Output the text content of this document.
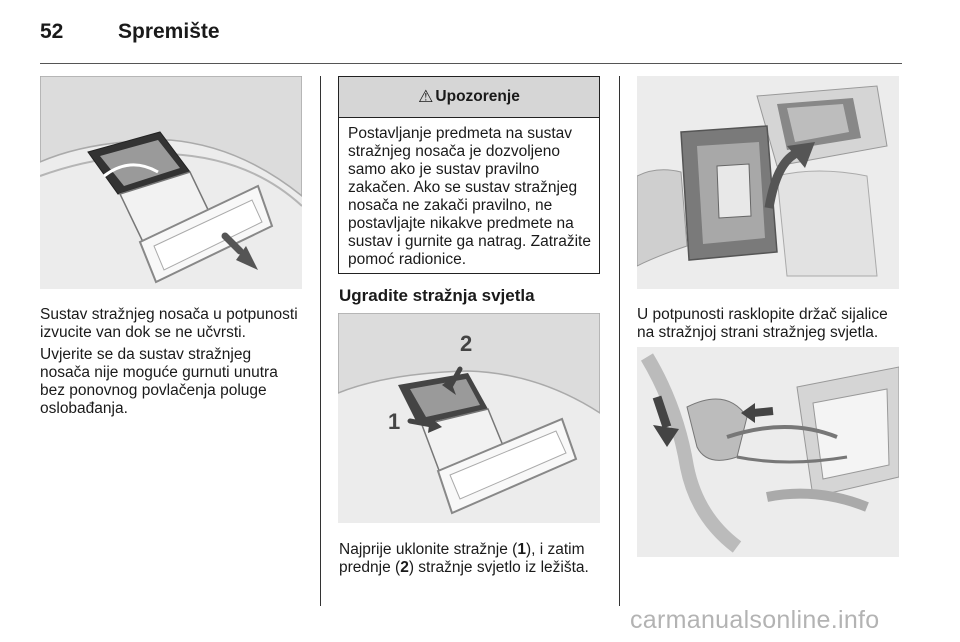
52	Spremište

Sustav stražnjeg nosača u potpunosti izvucite van dok se ne učvrsti.

Uvjerite se da sustav stražnjeg nosača nije moguće gurnuti unutra bez ponovnog povlačenja poluge oslobađanja.

⚠ Upozorenje
Postavljanje predmeta na sustav stražnjeg nosača je dozvoljeno samo ako je sustav pravilno zakačen. Ako se sustav stražnjeg nosača ne zakači pravilno, ne postavljajte nikakve predmete na sustav i gurnite ga natrag. Zatražite pomoć radionice.
Ugradite stražnja svjetla
2
1

Najprije uklonite stražnje (1), i zatim prednje (2) stražnje svjetlo iz ležišta.

U potpunosti rasklopite držač sijalice na stražnjoj strani stražnjeg svjetla.

carmanualsonline.info
